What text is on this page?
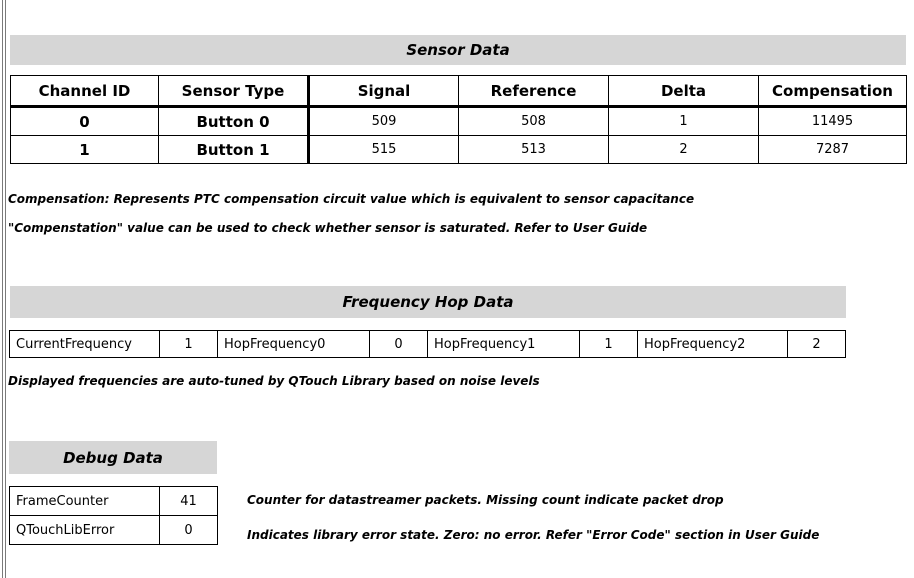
Sensor Data
Channel ID	Sensor Type	Signal	Reference	Delta	Compensation
0	Button 0	509	508	1	11495
1	Button 1	515	513	2	7287
Compensation: Represents PTC compensation circuit value which is equivalent to sensor capacitance
"Compenstation" value can be used to check whether sensor is saturated. Refer to User Guide
Frequency Hop Data
CurrentFrequency	1	HopFrequency0	0	HopFrequency1	1	HopFrequency2	2
Displayed frequencies are auto-tuned by QTouch Library based on noise levels
Debug Data
FrameCounter	41
QTouchLibError	0
Counter for datastreamer packets. Missing count indicate packet drop
Indicates library error state. Zero: no error. Refer "Error Code" section in User Guide
